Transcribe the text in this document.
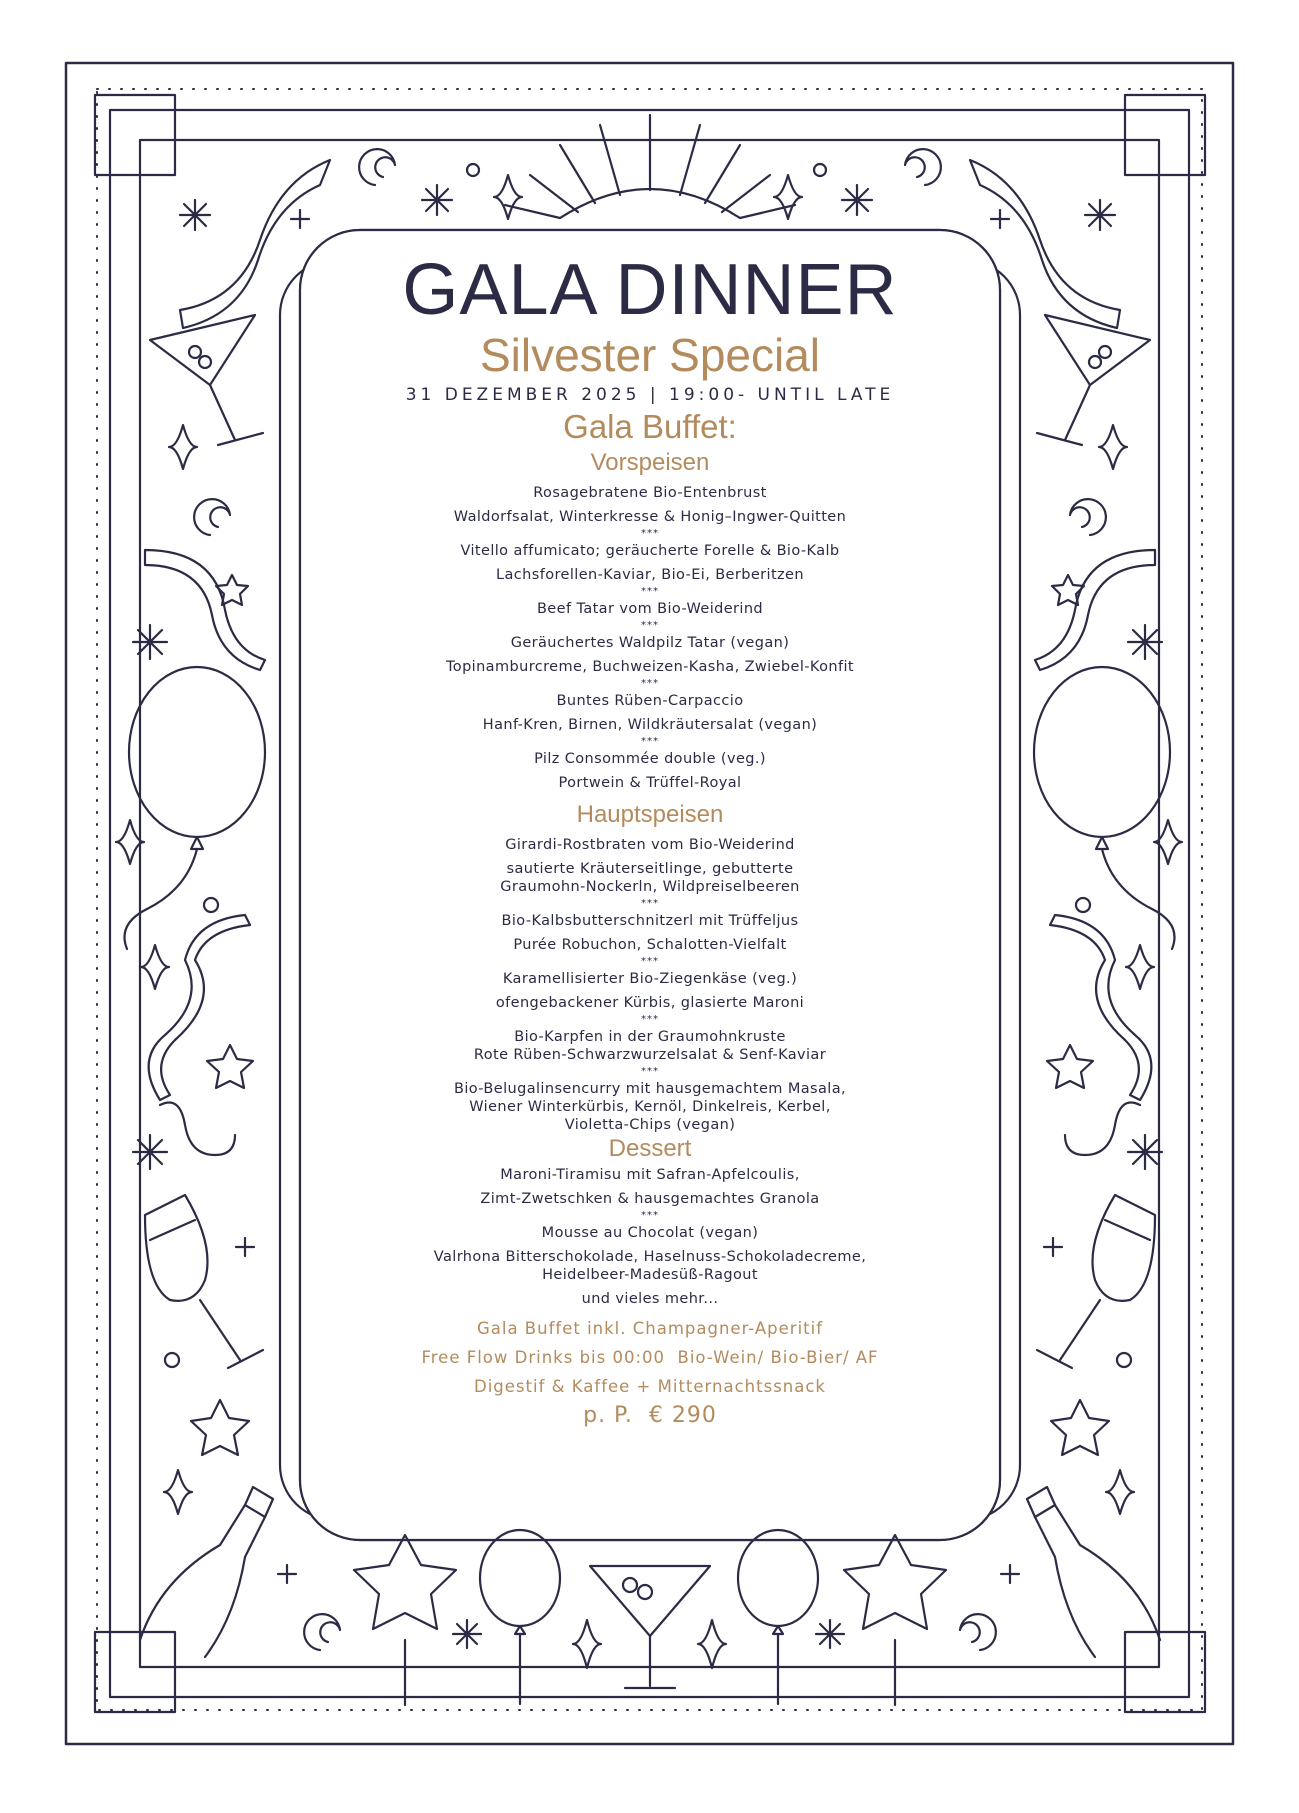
GALA DINNER
Silvester Special
31 DEZEMBER 2025 | 19:00- UNTIL LATE
Gala Buffet:
Vorspeisen

Rosagebratene Bio-Entenbrust

Waldorfsalat, Winterkresse & Honig–Ingwer-Quitten

***

Vitello affumicato; geräucherte Forelle & Bio-Kalb

Lachsforellen-Kaviar, Bio-Ei, Berberitzen

***

Beef Tatar vom Bio-Weiderind

***

Geräuchertes Waldpilz Tatar (vegan)

Topinamburcreme, Buchweizen-Kasha, Zwiebel-Konfit

***

Buntes Rüben-Carpaccio

Hanf-Kren, Birnen, Wildkräutersalat (vegan)

***

Pilz Consommée double (veg.)

Portwein & Trüffel-Royal

Hauptspeisen

Girardi-Rostbraten vom Bio-Weiderind

sautierte Kräuterseitlinge, gebutterte

Graumohn-Nockerln, Wildpreiselbeeren

***

Bio-Kalbsbutterschnitzerl mit Trüffeljus

Purée Robuchon, Schalotten-Vielfalt

***

Karamellisierter Bio-Ziegenkäse (veg.)

ofengebackener Kürbis, glasierte Maroni

***

Bio-Karpfen in der Graumohnkruste

Rote Rüben-Schwarzwurzelsalat & Senf-Kaviar

***

Bio-Belugalinsencurry mit hausgemachtem Masala,

Wiener Winterkürbis, Kernöl, Dinkelreis, Kerbel,

Violetta-Chips (vegan)

Dessert

Maroni-Tiramisu mit Safran-Apfelcoulis,

Zimt-Zwetschken & hausgemachtes Granola

***

Mousse au Chocolat (vegan)

Valrhona Bitterschokolade, Haselnuss-Schokoladecreme,

Heidelbeer-Madesüß-Ragout

und vieles mehr...

Gala Buffet inkl. Champagner-Aperitif

Free Flow Drinks bis 00:00  Bio-Wein/ Bio-Bier/ AF

Digestif & Kaffee + Mitternachtssnack

p. P.  € 290
